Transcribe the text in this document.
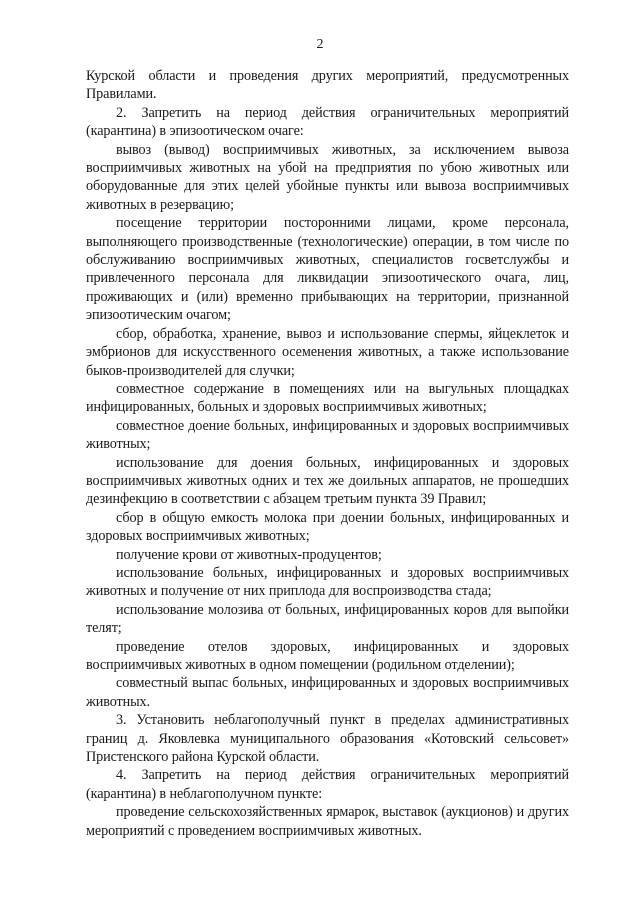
2

Курской области и проведения других мероприятий, предусмотренных Правилами.

2. Запретить на период действия ограничительных мероприятий (карантина) в эпизоотическом очаге:

вывоз (вывод) восприимчивых животных, за исключением вывоза восприимчивых животных на убой на предприятия по убою животных или оборудованные для этих целей убойные пункты или вывоза восприимчивых животных в резервацию;

посещение территории посторонними лицами, кроме персонала, выполняющего производственные (технологические) операции, в том числе по обслуживанию восприимчивых животных, специалистов госветслужбы и привлеченного персонала для ликвидации эпизоотического очага, лиц, проживающих и (или) временно прибывающих на территории, признанной эпизоотическим очагом;

сбор, обработка, хранение, вывоз и использование спермы, яйцеклеток и эмбрионов для искусственного осеменения животных, а также использование быков-производителей для случки;

совместное содержание в помещениях или на выгульных площадках инфицированных, больных и здоровых восприимчивых животных;

совместное доение больных, инфицированных и здоровых восприимчивых животных;

использование для доения больных, инфицированных и здоровых восприимчивых животных одних и тех же доильных аппаратов, не прошедших дезинфекцию в соответствии с абзацем третьим пункта 39 Правил;

сбор в общую емкость молока при доении больных, инфицированных и здоровых восприимчивых животных;

получение крови от животных-продуцентов;

использование больных, инфицированных и здоровых восприимчивых животных и получение от них приплода для воспроизводства стада;

использование молозива от больных, инфицированных коров для выпойки телят;

проведение отелов здоровых, инфицированных и здоровых восприимчивых животных в одном помещении (родильном отделении);

совместный выпас больных, инфицированных и здоровых восприимчивых животных.

3. Установить неблагополучный пункт в пределах административных границ д. Яковлевка муниципального образования «Котовский сельсовет» Пристенского района Курской области.

4. Запретить на период действия ограничительных мероприятий (карантина) в неблагополучном пункте:

проведение сельскохозяйственных ярмарок, выставок (аукционов) и других мероприятий с проведением восприимчивых животных.
